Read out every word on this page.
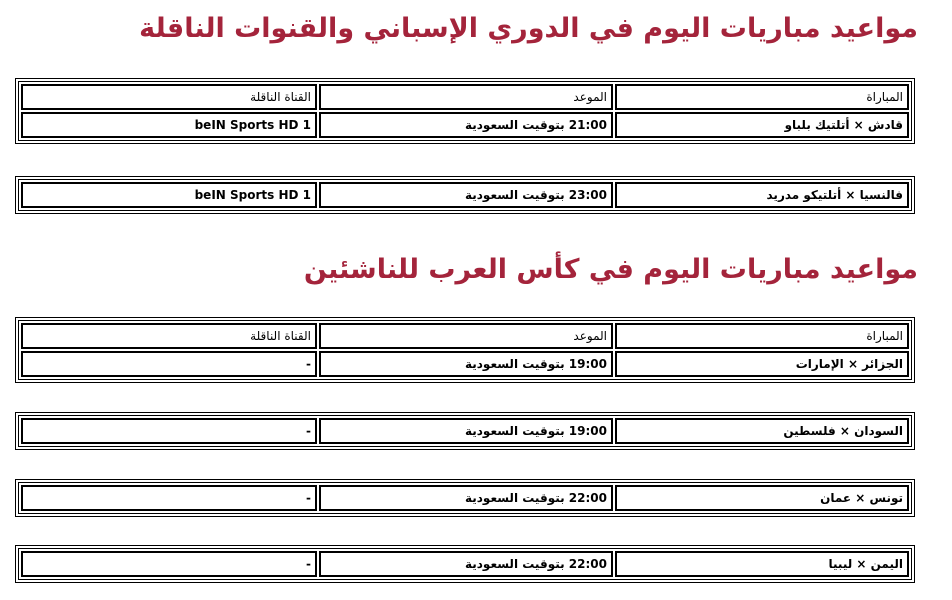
مواعيد مباريات اليوم في الدوري الإسباني والقنوات الناقلة
المباراة
الموعد
القناة الناقلة
قادش × أتلتيك بلباو
21:00 بتوقيت السعودية
beIN Sports HD 1
فالنسيا × أتلتيكو مدريد
23:00 بتوقيت السعودية
beIN Sports HD 1
مواعيد مباريات اليوم في كأس العرب للناشئين
المباراة
الموعد
القناة الناقلة
الجزائر × الإمارات
19:00 بتوقيت السعودية
-
السودان × فلسطين
19:00 بتوقيت السعودية
-
تونس × عمان
22:00 بتوقيت السعودية
-
اليمن × ليبيا
22:00 بتوقيت السعودية
-
